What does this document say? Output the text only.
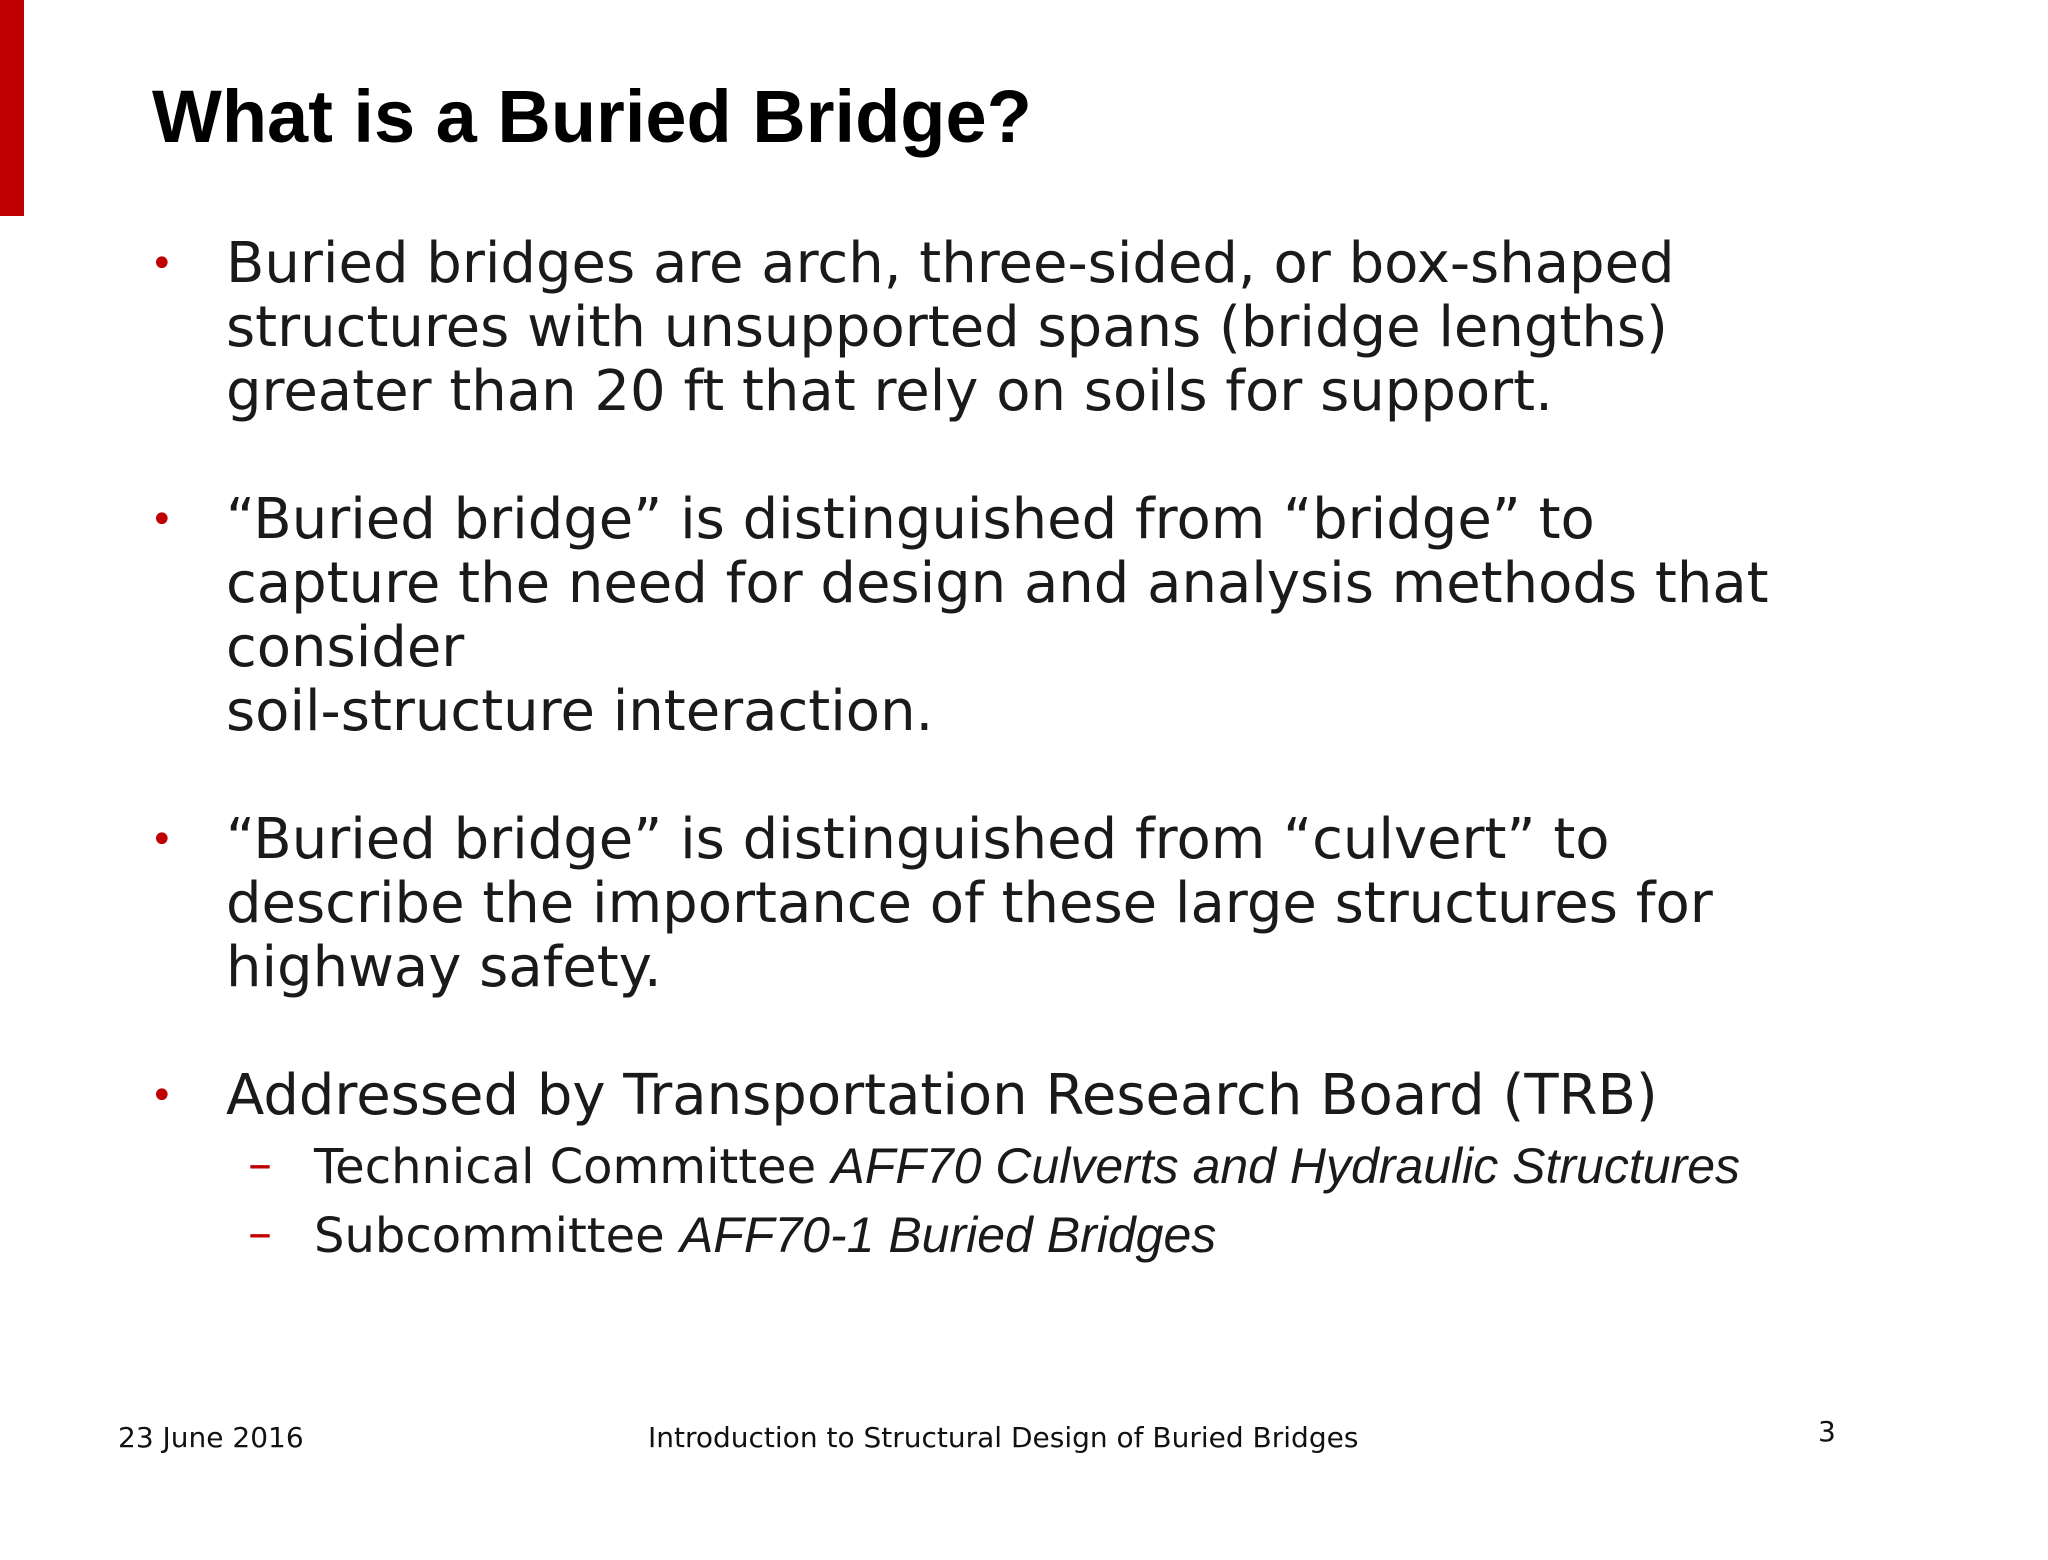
What is a Buried Bridge?
• Buried bridges are arch, three-sided, or box-shaped
structures with unsupported spans (bridge lengths)
greater than 20 ft that rely on soils for support.
• “Buried bridge” is distinguished from “bridge” to
capture the need for design and analysis methods that
consider
soil-structure interaction.
• “Buried bridge” is distinguished from “culvert” to
describe the importance of these large structures for
highway safety.
• Addressed by Transportation Research Board (TRB)
– Technical Committee AFF70 Culverts and Hydraulic Structures
– Subcommittee AFF70-1 Buried Bridges
23 June 2016	Introduction to Structural Design of Buried Bridges	3
